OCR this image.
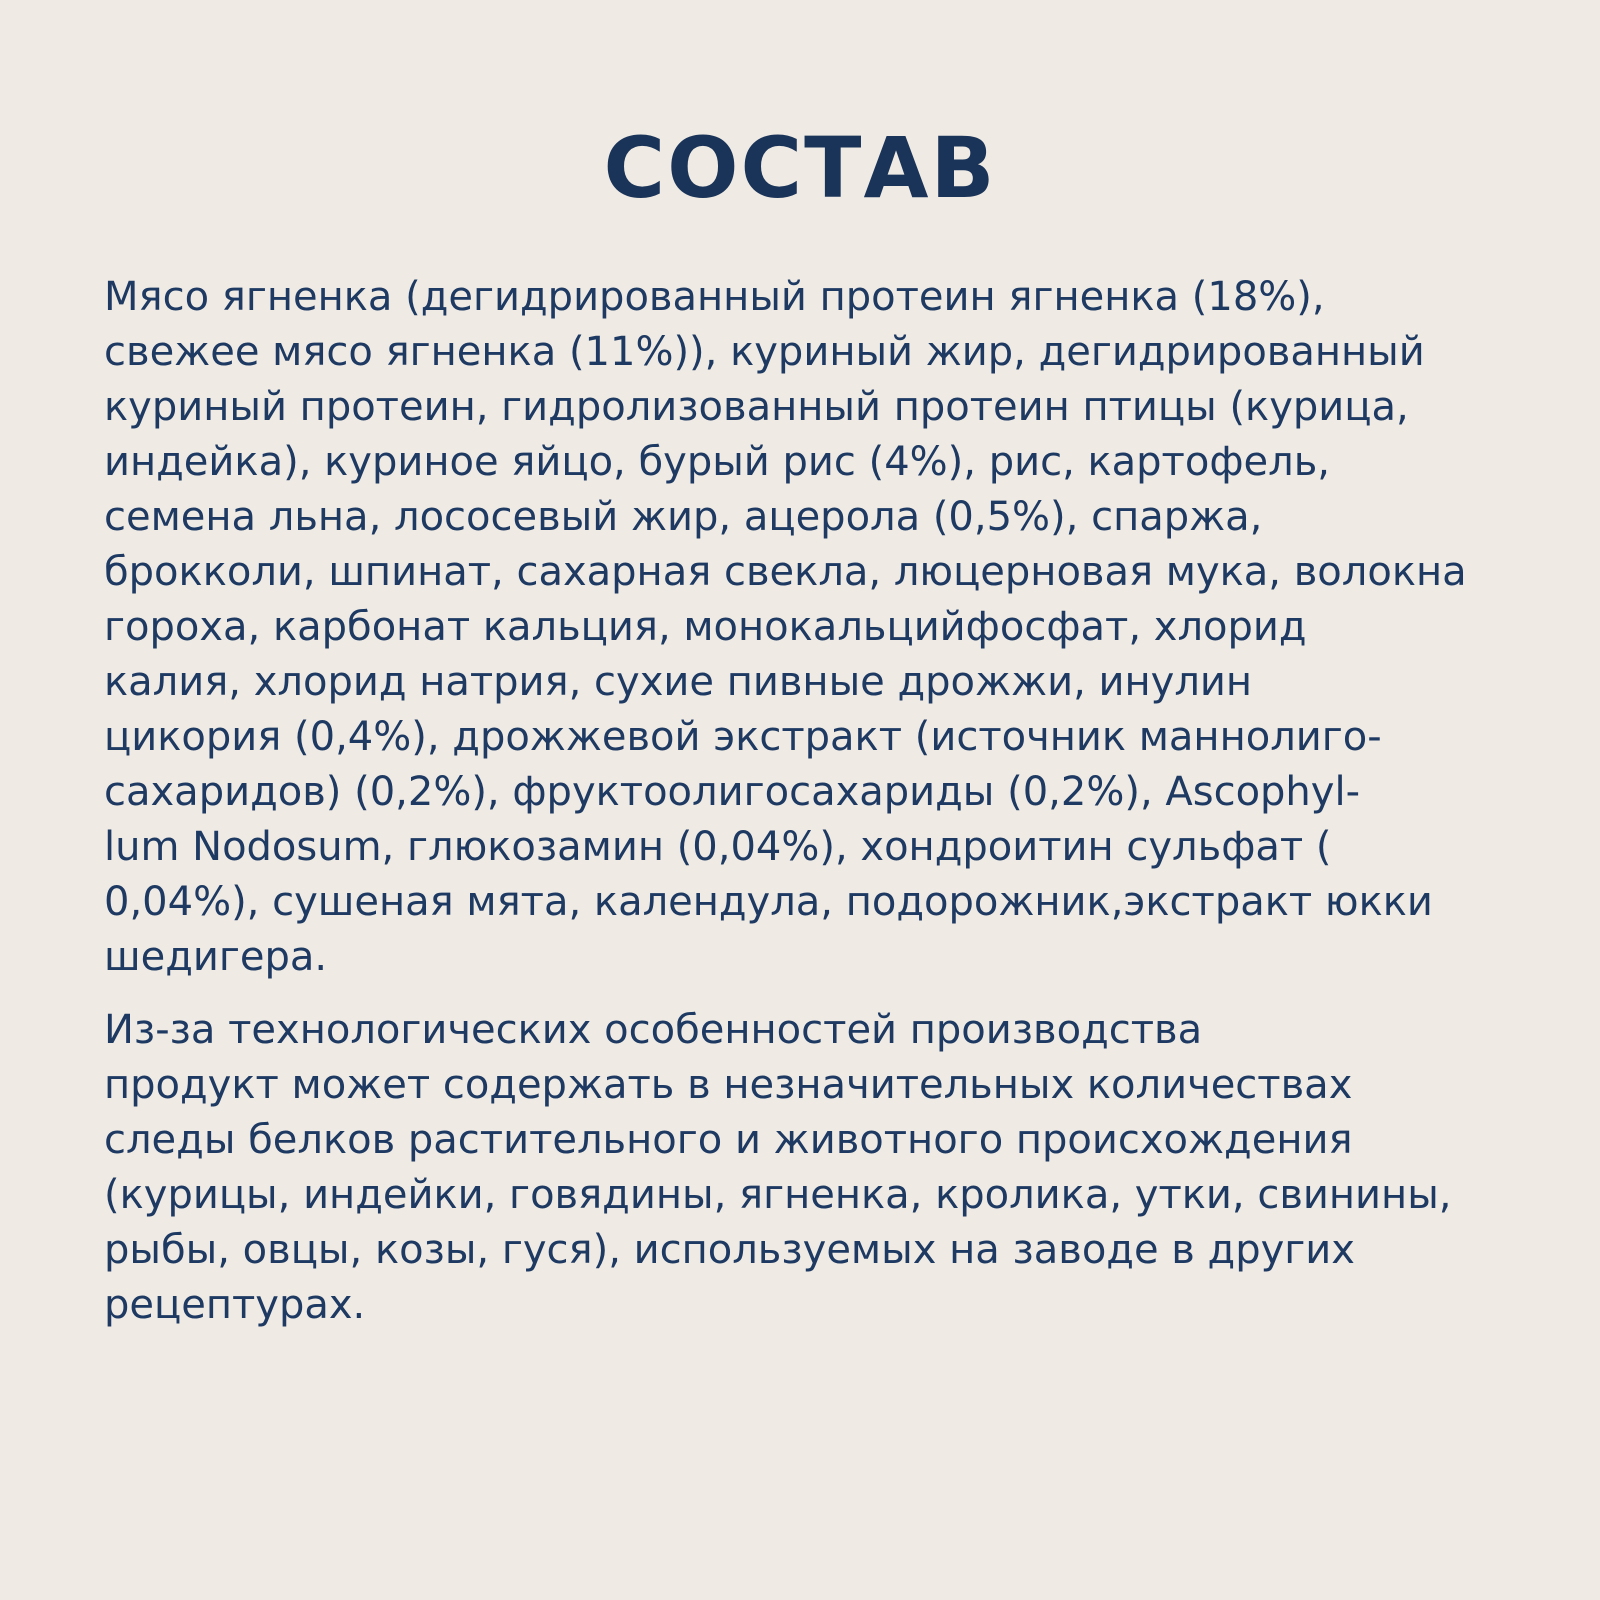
СОСТАВ

Мясо ягненка (дегидрированный протеин ягненка (18%),
свежее мясо ягненка (11%)), куриный жир, дегидрированный
куриный протеин, гидролизованный протеин птицы (курица,
индейка), куриное яйцо, бурый рис (4%), рис, картофель,
семена льна, лососевый жир, ацерола (0,5%), спаржа,
брокколи, шпинат, сахарная свекла, люцерновая мука, волокна
гороха, карбонат кальция, монокальцийфосфат, хлорид
калия, хлорид натрия, сухие пивные дрожжи, инулин
цикория (0,4%), дрожжевой экстракт (источник маннолиго-
сахаридов) (0,2%), фруктоолигосахариды (0,2%), Ascophyl-
lum Nodosum, глюкозамин (0,04%), хондроитин сульфат (
0,04%), сушеная мята, календула, подорожник,экстракт юкки
шедигера.

Из-за технологических особенностей производства
продукт может содержать в незначительных количествах
следы белков растительного и животного происхождения
(курицы, индейки, говядины, ягненка, кролика, утки, свинины,
рыбы, овцы, козы, гуся), используемых на заводе в других
рецептурах.
